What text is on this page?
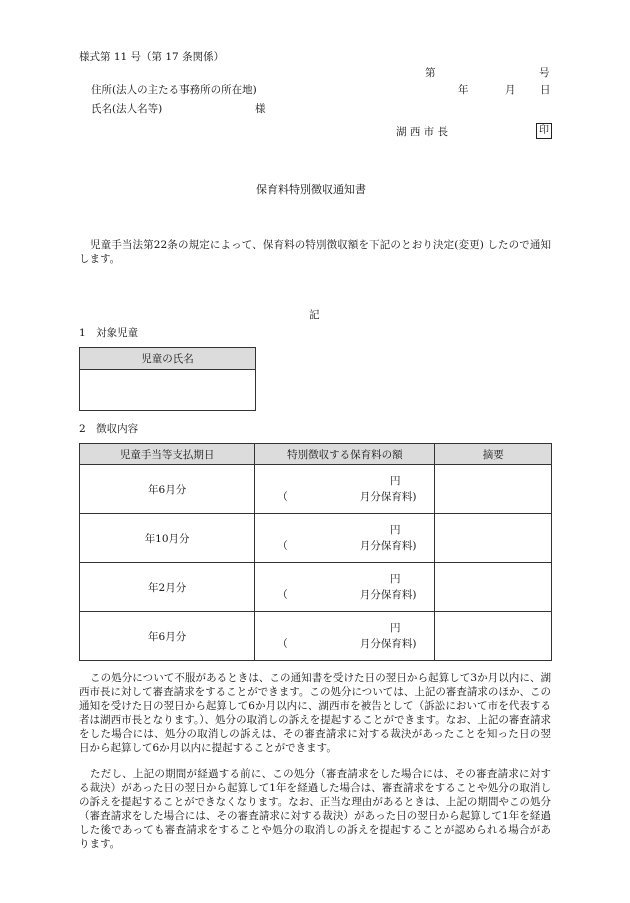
様式第 11 号（第 17 条関係）
第	号
住所(法人の主たる事務所の所在地)	年	月 日
氏名(法人名等)	様
湖 西 市 長	印
保育料特別徴収通知書
児童手当法第22条の規定によって、保育料の特別徴収額を下記のとおり決定(変更) したので通知します。
記
1　対象児童
児童の氏名

2　徴収内容
児童手当等支払期日	特別徴収する保育料の額	摘要
年6月分	円
（ 月分保育料)	

年10月分	円
（ 月分保育料)	

年2月分	円
（ 月分保育料)	

年6月分	円
（ 月分保育料)	

この処分について不服があるときは、この通知書を受けた日の翌日から起算して3か月以内に、湖西市長に対して審査請求をすることができます。この処分については、上記の審査請求のほか、この通知を受けた日の翌日から起算して6か月以内に、湖西市を被告として（訴訟において市を代表する者は湖西市長となります。）、処分の取消しの訴えを提起することができます。なお、上記の審査請求をした場合には、処分の取消しの訴えは、その審査請求に対する裁決があったことを知った日の翌日から起算して6か月以内に提起することができます。
ただし、上記の期間が経過する前に、この処分（審査請求をした場合には、その審査請求に対する裁決）があった日の翌日から起算して1年を経過した場合は、審査請求をすることや処分の取消しの訴えを提起することができなくなります。なお、正当な理由があるときは、上記の期間やこの処分（審査請求をした場合には、その審査請求に対する裁決）があった日の翌日から起算して1年を経過した後であっても審査請求をすることや処分の取消しの訴えを提起することが認められる場合があります。
